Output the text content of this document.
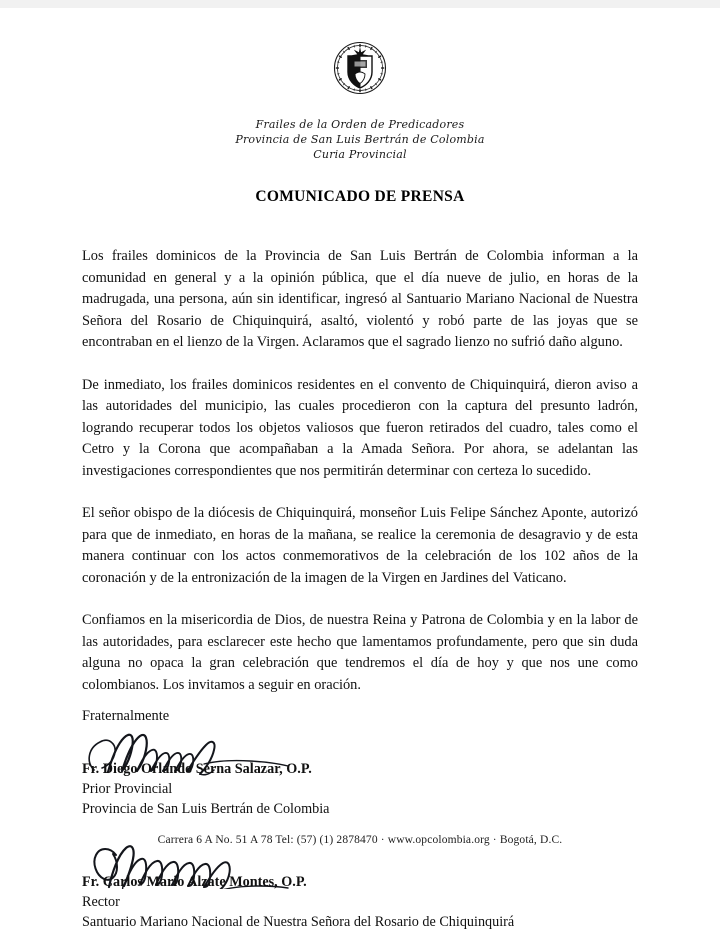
Frailes de la Orden de Predicadores
Provincia de San Luis Bertrán de Colombia
Curia Provincial
COMUNICADO DE PRENSA

Los frailes dominicos de la Provincia de San Luis Bertrán de Colombia informan a la comunidad en general y a la opinión pública, que el día nueve de julio, en horas de la madrugada, una persona, aún sin identificar, ingresó al Santuario Mariano Nacional de Nuestra Señora del Rosario de Chiquinquirá, asaltó, violentó y robó parte de las joyas que se encontraban en el lienzo de la Virgen. Aclaramos que el sagrado lienzo no sufrió daño alguno.

De inmediato, los frailes dominicos residentes en el convento de Chiquinquirá, dieron aviso a las autoridades del municipio, las cuales procedieron con la captura del presunto ladrón, logrando recuperar todos los objetos valiosos que fueron retirados del cuadro, tales como el Cetro y la Corona que acompañaban a la Amada Señora. Por ahora, se adelantan las investigaciones correspondientes que nos permitirán determinar con certeza lo sucedido.

El señor obispo de la diócesis de Chiquinquirá, monseñor Luis Felipe Sánchez Aponte, autorizó para que de inmediato, en horas de la mañana, se realice la ceremonia de desagravio y de esta manera continuar con los actos conmemorativos de la celebración de los 102 años de la coronación y de la entronización de la imagen de la Virgen en Jardines del Vaticano.

Confiamos en la misericordia de Dios, de nuestra Reina y Patrona de Colombia y en la labor de las autoridades, para esclarecer este hecho que lamentamos profundamente, pero que sin duda alguna no opaca la gran celebración que tendremos el día de hoy y que nos une como colombianos. Los invitamos a seguir en oración.

Fraternalmente
Fr. Diego Orlando Serna Salazar, O.P.
Prior Provincial
Provincia de San Luis Bertrán de Colombia
Fr. Carlos Mario Alzate Montes, O.P.
Rector
Santuario Mariano Nacional de Nuestra Señora del Rosario de Chiquinquirá
Carrera 6 A No. 51 A 78 Tel: (57) (1) 2878470 · www.opcolombia.org · Bogotá, D.C.
